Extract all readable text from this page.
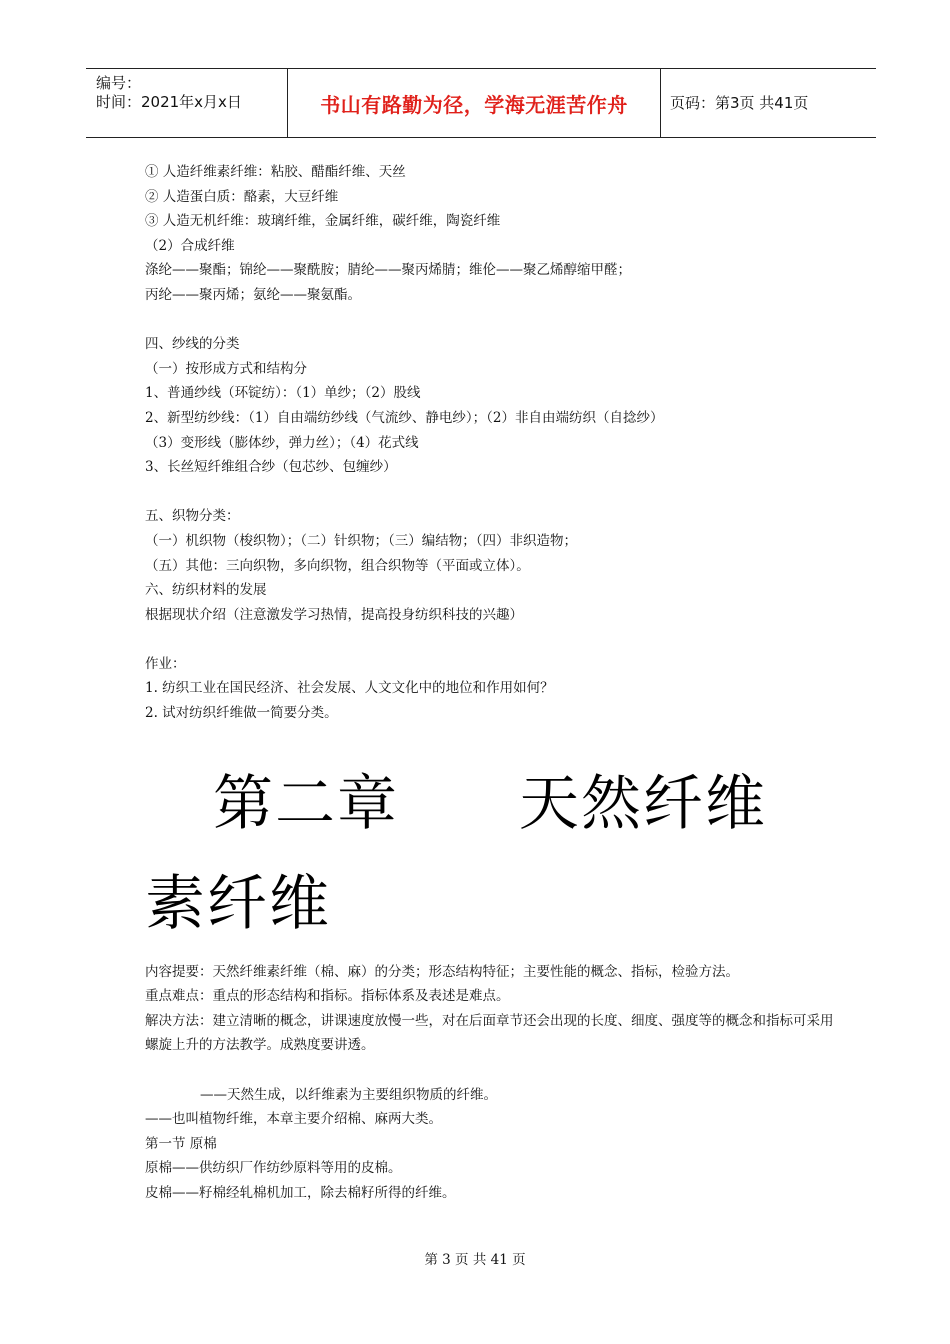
编号：
时间：2021年x月x日	书山有路勤为径，学海无涯苦作舟	页码：第3页 共41页
① 人造纤维素纤维：粘胶、醋酯纤维、天丝
② 人造蛋白质：酪素，大豆纤维
③ 人造无机纤维：玻璃纤维，金属纤维，碳纤维，陶瓷纤维
（2）合成纤维
涤纶——聚酯；锦纶——聚酰胺；腈纶——聚丙烯腈；维伦——聚乙烯醇缩甲醛；
丙纶——聚丙烯；氨纶——聚氨酯。
四、纱线的分类
（一）按形成方式和结构分
1、普通纱线（环锭纺）：（1）单纱；（2）股线
2、新型纺纱线：（1）自由端纺纱线（气流纱、静电纱）；（2）非自由端纺织（自捻纱）
（3）变形线（膨体纱，弹力丝）；（4）花式线
3、长丝短纤维组合纱（包芯纱、包缠纱）
五、织物分类：
（一）机织物（梭织物）；（二）针织物；（三）编结物；（四）非织造物；
（五）其他：三向织物，多向织物，组合织物等（平面或立体）。
六、纺织材料的发展
根据现状介绍（注意激发学习热情，提高投身纺织科技的兴趣）
作业：
1. 纺织工业在国民经济、社会发展、人文文化中的地位和作用如何？
2. 试对纺织纤维做一简要分类。
第二章 天然纤维
素纤维
内容提要：天然纤维素纤维（棉、麻）的分类；形态结构特征；主要性能的概念、指标，检验方法。
重点难点：重点的形态结构和指标。指标体系及表述是难点。
解决方法：建立清晰的概念，讲课速度放慢一些，对在后面章节还会出现的长度、细度、强度等的概念和指标可采用螺旋上升的方法教学。成熟度要讲透。
——天然生成，以纤维素为主要组织物质的纤维。
——也叫植物纤维，本章主要介绍棉、麻两大类。
第一节 原棉
原棉——供纺织厂作纺纱原料等用的皮棉。
皮棉——籽棉经轧棉机加工，除去棉籽所得的纤维。
第 3 页 共 41 页
